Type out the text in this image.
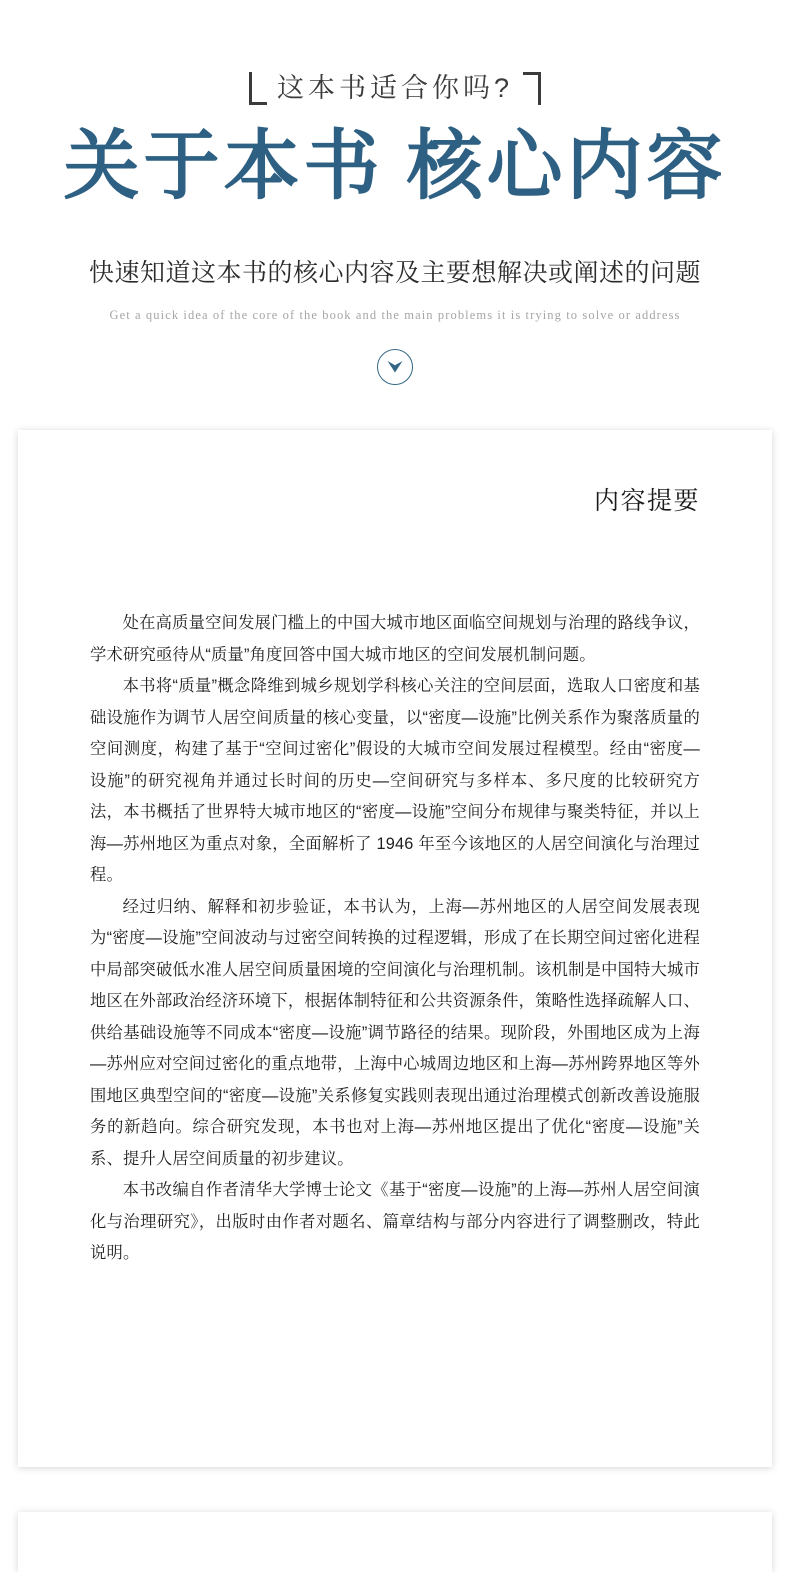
这本书适合你吗?
关于本书 核心内容
快速知道这本书的核心内容及主要想解决或阐述的问题
Get a quick idea of the core of the book and the main problems it is trying to solve or address
内容提要

处在高质量空间发展门槛上的中国大城市地区面临空间规划与治理的路线争议，学术研究亟待从“质量”角度回答中国大城市地区的空间发展机制问题。

本书将“质量”概念降维到城乡规划学科核心关注的空间层面，选取人口密度和基础设施作为调节人居空间质量的核心变量，以“密度—设施”比例关系作为聚落质量的空间测度，构建了基于“空间过密化”假设的大城市空间发展过程模型。经由“密度—设施”的研究视角并通过长时间的历史—空间研究与多样本、多尺度的比较研究方法，本书概括了世界特大城市地区的“密度—设施”空间分布规律与聚类特征，并以上海—苏州地区为重点对象，全面解析了 1946 年至今该地区的人居空间演化与治理过程。

经过归纳、解释和初步验证，本书认为，上海—苏州地区的人居空间发展表现为“密度—设施”空间波动与过密空间转换的过程逻辑，形成了在长期空间过密化进程中局部突破低水准人居空间质量困境的空间演化与治理机制。该机制是中国特大城市地区在外部政治经济环境下，根据体制特征和公共资源条件，策略性选择疏解人口、供给基础设施等不同成本“密度—设施”调节路径的结果。现阶段，外围地区成为上海—苏州应对空间过密化的重点地带，上海中心城周边地区和上海—苏州跨界地区等外围地区典型空间的“密度—设施”关系修复实践则表现出通过治理模式创新改善设施服务的新趋向。综合研究发现，本书也对上海—苏州地区提出了优化“密度—设施”关系、提升人居空间质量的初步建议。

本书改编自作者清华大学博士论文《基于“密度—设施”的上海—苏州人居空间演化与治理研究》，出版时由作者对题名、篇章结构与部分内容进行了调整删改，特此说明。
